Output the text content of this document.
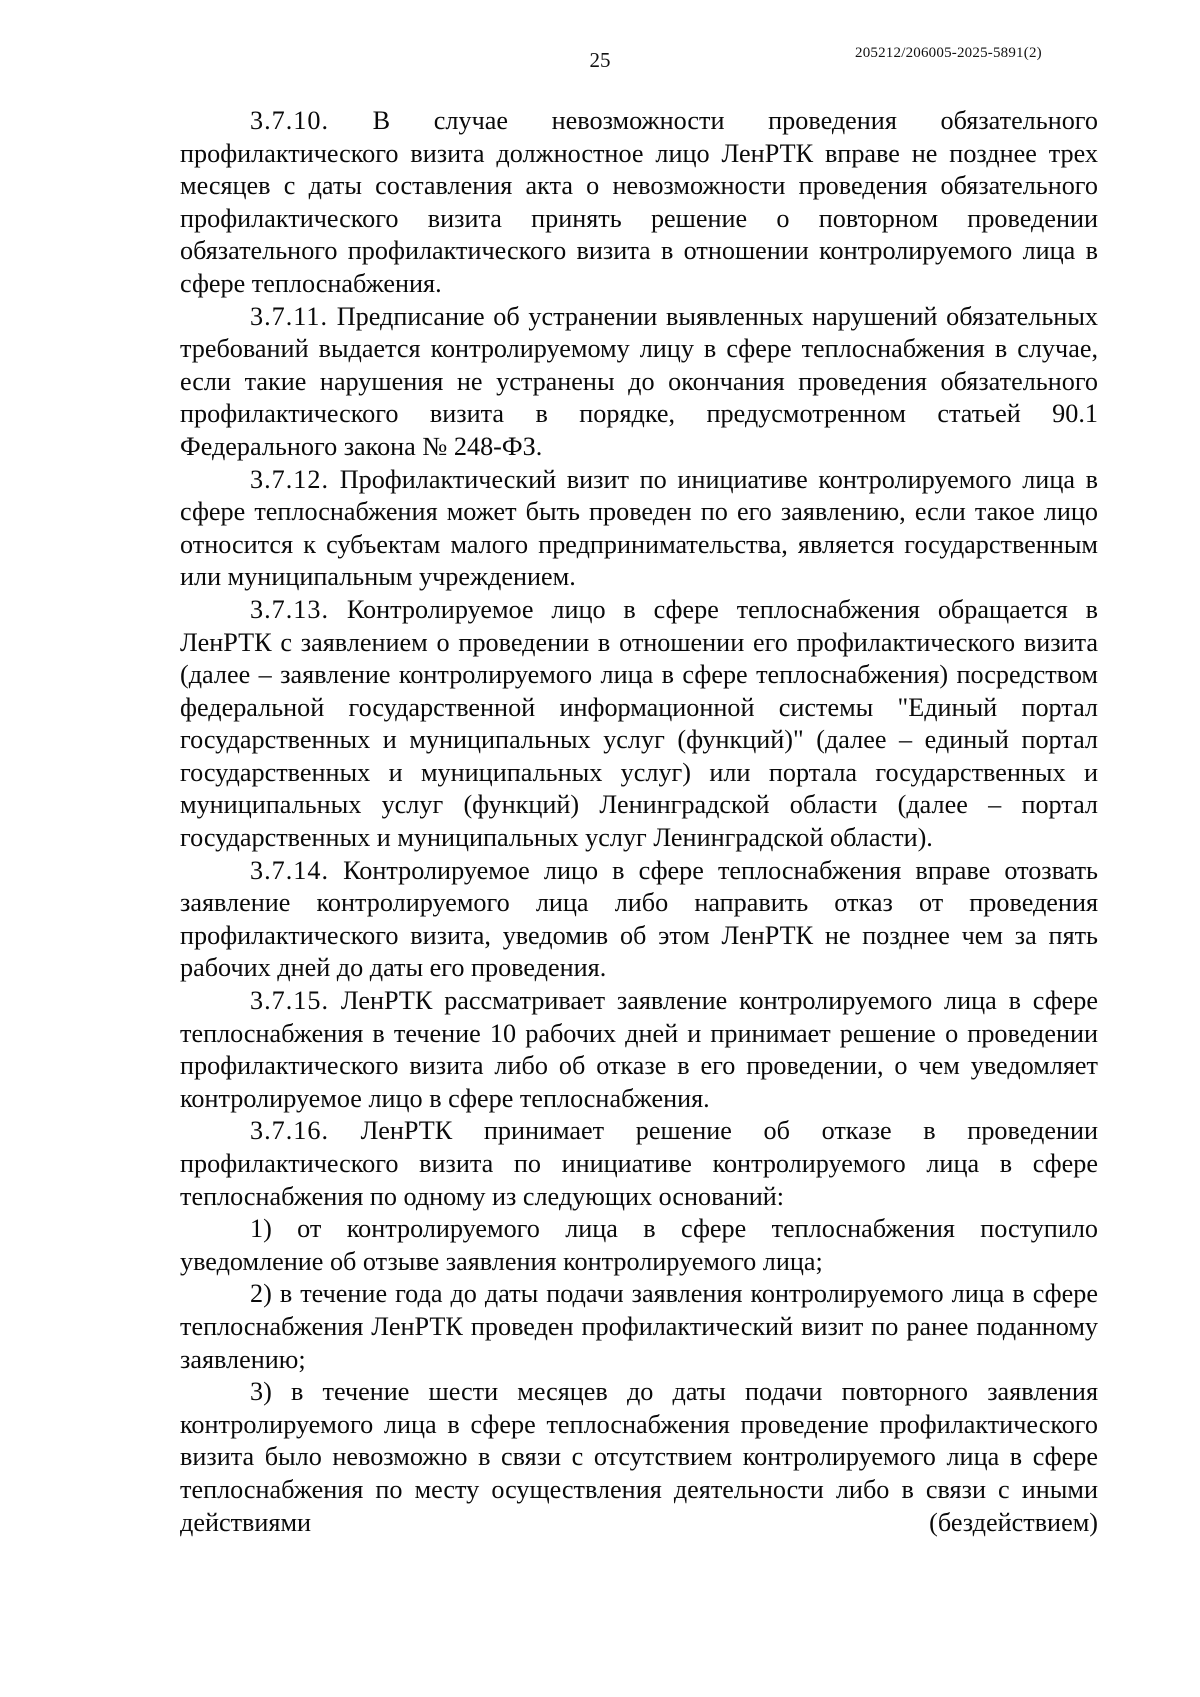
25	205212/206005-2025-5891(2)

3.7.10. В случае невозможности проведения обязательного профилактического визита должностное лицо ЛенРТК вправе не позднее трех месяцев с даты составления акта о невозможности проведения обязательного профилактического визита принять решение о повторном проведении обязательного профилактического визита в отношении контролируемого лица в сфере теплоснабжения.

3.7.11. Предписание об устранении выявленных нарушений обязательных требований выдается контролируемому лицу в сфере теплоснабжения в случае, если такие нарушения не устранены до окончания проведения обязательного профилактического визита в порядке, предусмотренном статьей 90.1 Федерального закона № 248-ФЗ.

3.7.12. Профилактический визит по инициативе контролируемого лица в сфере теплоснабжения может быть проведен по его заявлению, если такое лицо относится к субъектам малого предпринимательства, является государственным или муниципальным учреждением.

3.7.13. Контролируемое лицо в сфере теплоснабжения обращается в ЛенРТК с заявлением о проведении в отношении его профилактического визита (далее – заявление контролируемого лица в сфере теплоснабжения) посредством федеральной государственной информационной системы "Единый портал государственных и муниципальных услуг (функций)" (далее – единый портал государственных и муниципальных услуг) или портала государственных и муниципальных услуг (функций) Ленинградской области (далее – портал государственных и муниципальных услуг Ленинградской области).

3.7.14. Контролируемое лицо в сфере теплоснабжения вправе отозвать заявление контролируемого лица либо направить отказ от проведения профилактического визита, уведомив об этом ЛенРТК не позднее чем за пять рабочих дней до даты его проведения.

3.7.15. ЛенРТК рассматривает заявление контролируемого лица в сфере теплоснабжения в течение 10 рабочих дней и принимает решение о проведении профилактического визита либо об отказе в его проведении, о чем уведомляет контролируемое лицо в сфере теплоснабжения.

3.7.16. ЛенРТК принимает решение об отказе в проведении профилактического визита по инициативе контролируемого лица в сфере теплоснабжения по одному из следующих оснований:

1) от контролируемого лица в сфере теплоснабжения поступило уведомление об отзыве заявления контролируемого лица;

2) в течение года до даты подачи заявления контролируемого лица в сфере теплоснабжения ЛенРТК проведен профилактический визит по ранее поданному заявлению;

3) в течение шести месяцев до даты подачи повторного заявления контролируемого лица в сфере теплоснабжения проведение профилактического визита было невозможно в связи с отсутствием контролируемого лица в сфере теплоснабжения по месту осуществления деятельности либо в связи с иными действиями (бездействием)
